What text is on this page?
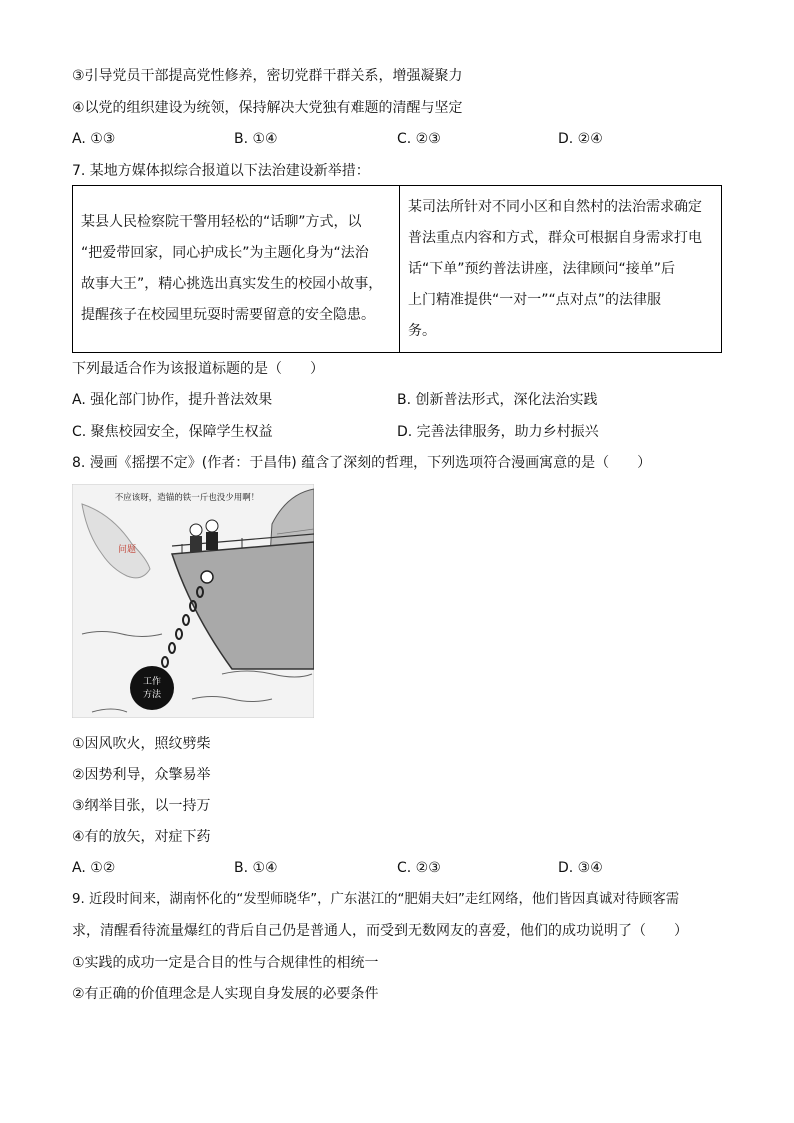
③引导党员干部提高党性修养，密切党群干群关系，增强凝聚力
④以党的组织建设为统领，保持解决大党独有难题的清醒与坚定
A. ①③	B. ①④	C. ②③	D. ②④
7. 某地方媒体拟综合报道以下法治建设新举措：
某县人民检察院干警用轻松的“话聊”方式，以
“把爱带回家，同心护成长”为主题化身为“法治
故事大王”，精心挑选出真实发生的校园小故事，
提醒孩子在校园里玩耍时需要留意的安全隐患。

某司法所针对不同小区和自然村的法治需求确定
普法重点内容和方式，群众可根据自身需求打电
话“下单”预约普法讲座，法律顾问“接单”后
上门精准提供“一对一”“点对点”的法律服
务。
下列最适合作为该报道标题的是（　　）
A. 强化部门协作，提升普法效果	B. 创新普法形式，深化法治实践
C. 聚焦校园安全，保障学生权益	D. 完善法律服务，助力乡村振兴
8. 漫画《摇摆不定》(作者：于昌伟) 蕴含了深刻的哲理，下列选项符合漫画寓意的是（　　）
工作
方法
问题
不应该呀，造锚的铁一斤也没少用啊！
①因风吹火，照纹劈柴
②因势利导，众擎易举
③纲举目张，以一持万
④有的放矢，对症下药
A. ①②	B. ①④	C. ②③	D. ③④
9. 近段时间来，湖南怀化的“发型师晓华”，广东湛江的“肥娟夫妇”走红网络，他们皆因真诚对待顾客需
求，清醒看待流量爆红的背后自己仍是普通人，而受到无数网友的喜爱，他们的成功说明了（　　）
①实践的成功一定是合目的性与合规律性的相统一
②有正确的价值理念是人实现自身发展的必要条件
